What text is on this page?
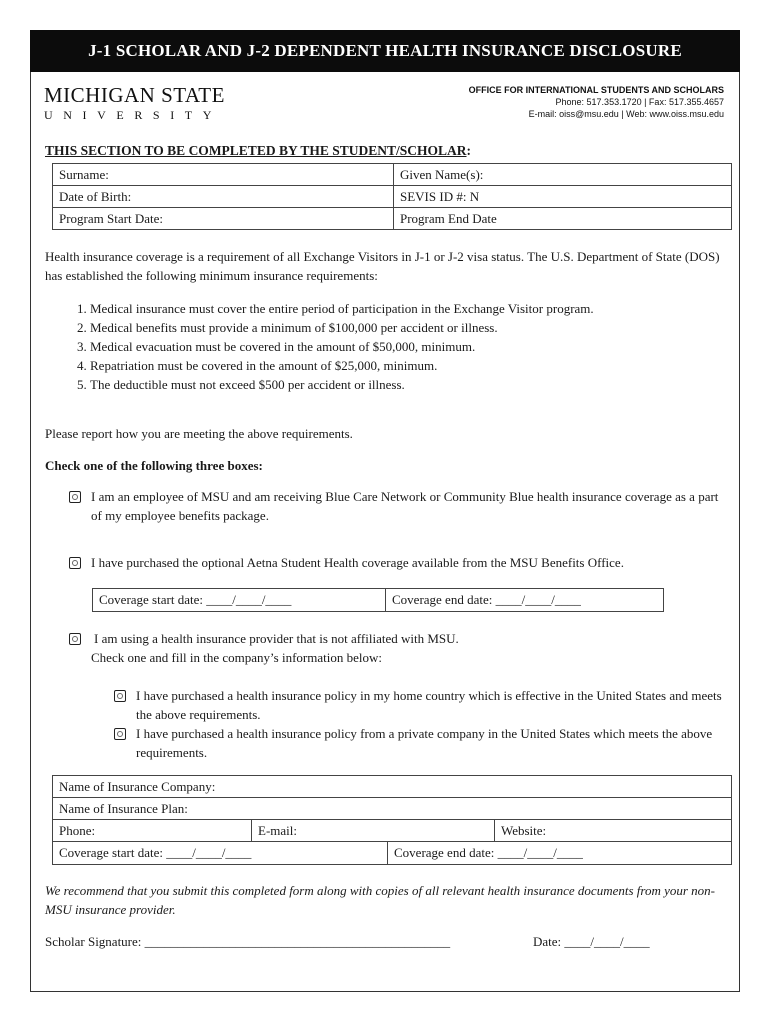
J-1 SCHOLAR AND J-2 DEPENDENT HEALTH INSURANCE DISCLOSURE
MICHIGAN STATE
UNIVERSITY
OFFICE FOR INTERNATIONAL STUDENTS AND SCHOLARS
Phone: 517.353.1720 | Fax: 517.355.4657
E-mail: oiss@msu.edu | Web: www.oiss.msu.edu
THIS SECTION TO BE COMPLETED BY THE STUDENT/SCHOLAR:
Surname:	Given Name(s):
Date of Birth:	SEVIS ID #: N
Program Start Date:	Program End Date
Health insurance coverage is a requirement of all Exchange Visitors in J-1 or J-2 visa status. The U.S. Department of State (DOS) has established the following minimum insurance requirements:
1. Medical insurance must cover the entire period of participation in the Exchange Visitor program.
2. Medical benefits must provide a minimum of $100,000 per accident or illness.
3. Medical evacuation must be covered in the amount of $50,000, minimum.
4. Repatriation must be covered in the amount of $25,000, minimum.
5. The deductible must not exceed $500 per accident or illness.
Please report how you are meeting the above requirements.
Check one of the following three boxes:
I am an employee of MSU and am receiving Blue Care Network or Community Blue health insurance coverage as a part of my employee benefits package.
I have purchased the optional Aetna Student Health coverage available from the MSU Benefits Office.
Coverage start date: ____/____/____	Coverage end date: ____/____/____
I am using a health insurance provider that is not affiliated with MSU.
Check one and fill in the company’s information below:
I have purchased a health insurance policy in my home country which is effective in the United States and meets the above requirements.
I have purchased a health insurance policy from a private company in the United States which meets the above requirements.
Name of Insurance Company:
Name of Insurance Plan:
Phone:	E-mail:	Website:
Coverage start date: ____/____/____	Coverage end date: ____/____/____
We recommend that you submit this completed form along with copies of all relevant health insurance documents from your non-MSU insurance provider.
Scholar Signature: _______________________________________________	Date: ____/____/____
